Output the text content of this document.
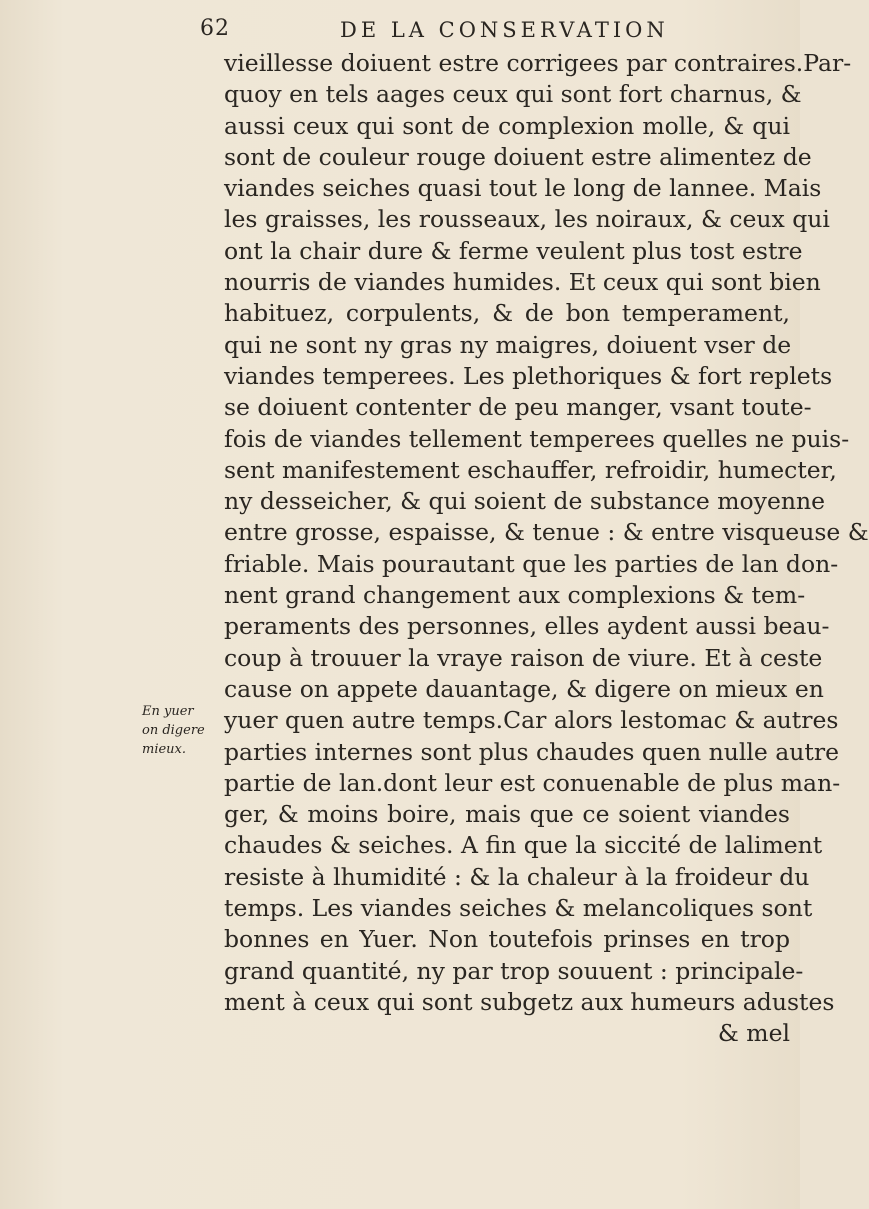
62	DE LA CONSERVATION
vieillesse doiuent estre corrigees par contraires.Par-
quoy en tels aages ceux qui sont fort charnus, &
aussi ceux qui sont de complexion molle, & qui
sont de couleur rouge doiuent estre alimentez de
viandes seiches quasi tout le long de lannee. Mais
les graisses, les rousseaux, les noiraux, & ceux qui
ont la chair dure & ferme veulent plus tost estre
nourris de viandes humides. Et ceux qui sont bien
habituez, corpulents, & de bon temperament,
qui ne sont ny gras ny maigres, doiuent vser de
viandes temperees. Les plethoriques & fort replets
se doiuent contenter de peu manger, vsant toute-
fois de viandes tellement temperees quelles ne puis-
sent manifestement eschauffer, refroidir, humecter,
ny desseicher, & qui soient de substance moyenne
entre grosse, espaisse, & tenue : & entre visqueuse &
friable. Mais pourautant que les parties de lan don-
nent grand changement aux complexions & tem-
peraments des personnes, elles aydent aussi beau-
coup à trouuer la vraye raison de viure. Et à ceste
cause on appete dauantage, & digere on mieux en
yuer quen autre temps.Car alors lestomac & autres
parties internes sont plus chaudes quen nulle autre
partie de lan.dont leur est conuenable de plus man-
ger, & moins boire, mais que ce soient viandes
chaudes & seiches. A fin que la siccité de laliment
resiste à lhumidité : & la chaleur à la froideur du
temps. Les viandes seiches & melancoliques sont
bonnes en Yuer. Non toutefois prinses en trop
grand quantité, ny par trop souuent : principale-
ment à ceux qui sont subgetz aux humeurs adustes
& mel
En yuer
on digere
mieux.
